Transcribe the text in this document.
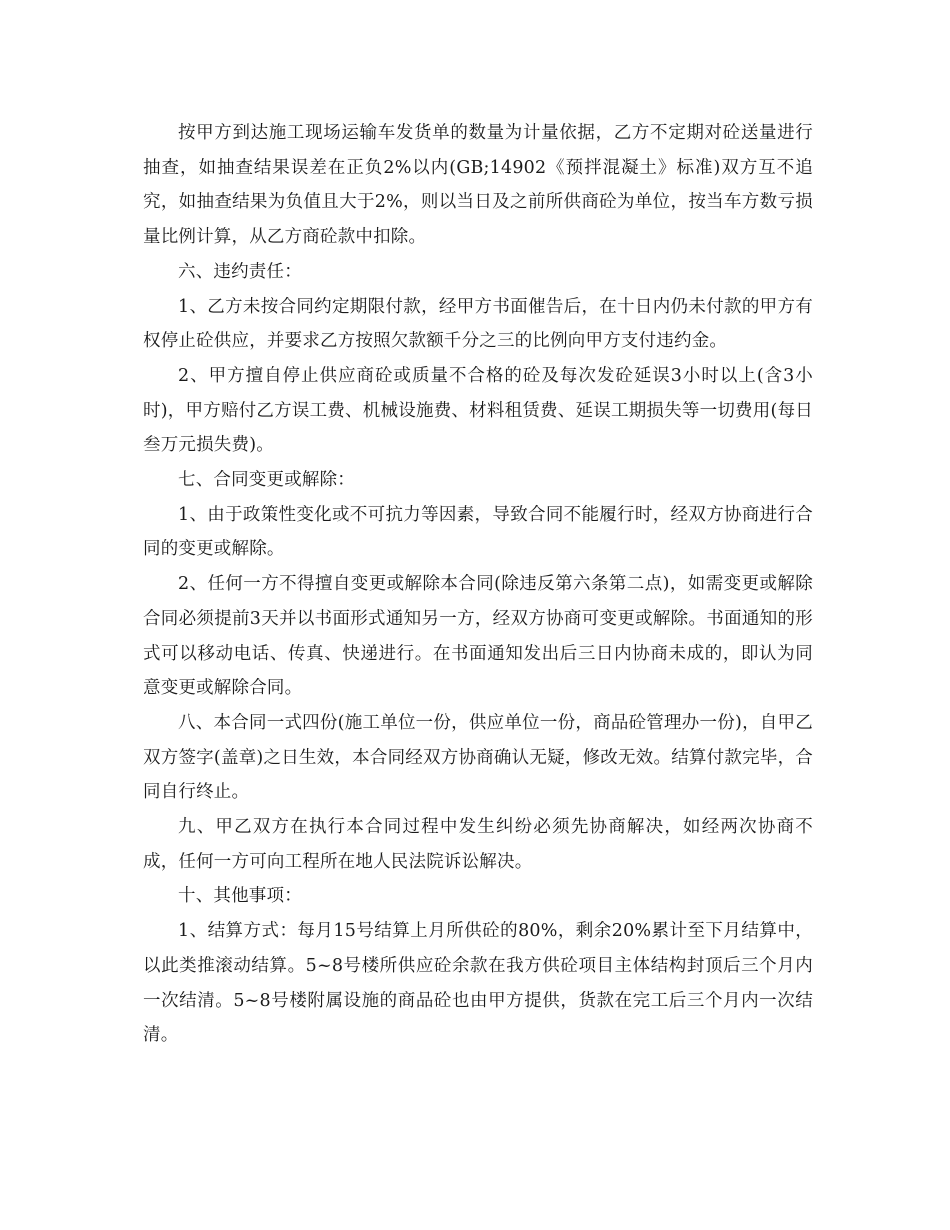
按甲方到达施工现场运输车发货单的数量为计量依据，乙方不定期对砼送量进行抽查，如抽查结果误差在正负2%以内(GB;14902《预拌混凝土》标准)双方互不追究，如抽查结果为负值且大于2%，则以当日及之前所供商砼为单位，按当车方数亏损量比例计算，从乙方商砼款中扣除。

六、违约责任：

1、乙方未按合同约定期限付款，经甲方书面催告后，在十日内仍未付款的甲方有权停止砼供应，并要求乙方按照欠款额千分之三的比例向甲方支付违约金。

2、甲方擅自停止供应商砼或质量不合格的砼及每次发砼延误3小时以上(含3小时)，甲方赔付乙方误工费、机械设施费、材料租赁费、延误工期损失等一切费用(每日叁万元损失费)。

七、合同变更或解除：

1、由于政策性变化或不可抗力等因素，导致合同不能履行时，经双方协商进行合同的变更或解除。

2、任何一方不得擅自变更或解除本合同(除违反第六条第二点)，如需变更或解除合同必须提前3天并以书面形式通知另一方，经双方协商可变更或解除。书面通知的形式可以移动电话、传真、快递进行。在书面通知发出后三日内协商未成的，即认为同意变更或解除合同。

八、本合同一式四份(施工单位一份，供应单位一份，商品砼管理办一份)，自甲乙双方签字(盖章)之日生效，本合同经双方协商确认无疑，修改无效。结算付款完毕，合同自行终止。

九、甲乙双方在执行本合同过程中发生纠纷必须先协商解决，如经两次协商不成，任何一方可向工程所在地人民法院诉讼解决。

十、其他事项：

1、结算方式：每月15号结算上月所供砼的80%，剩余20%累计至下月结算中，以此类推滚动结算。5~8号楼所供应砼余款在我方供砼项目主体结构封顶后三个月内一次结清。5~8号楼附属设施的商品砼也由甲方提供，货款在完工后三个月内一次结清。
